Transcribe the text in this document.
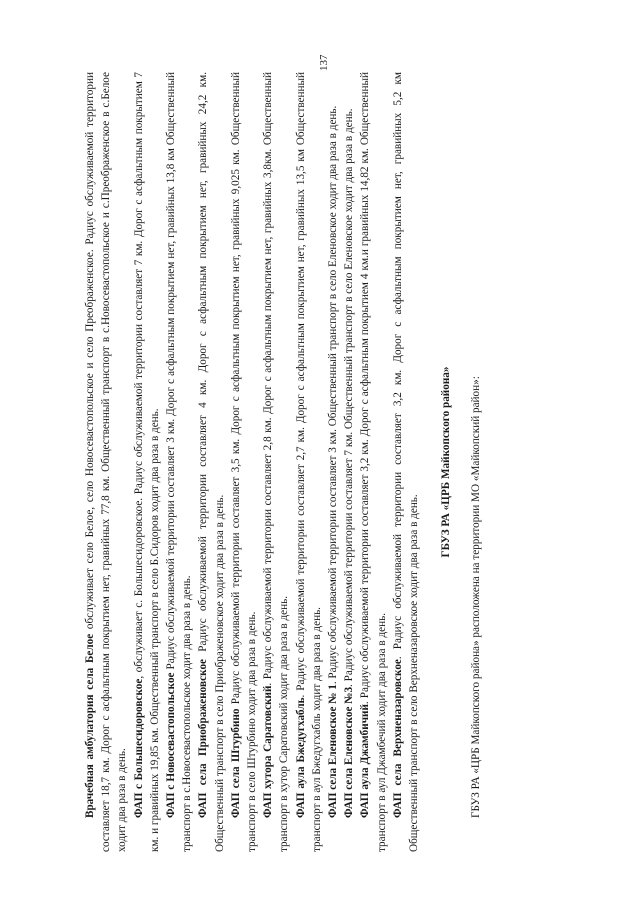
137

Врачебная амбулатория села Белое обслуживает село Белое, село Новосевастопольское и село Преображенское. Радиус обслуживаемой территории составляет 18,7 км. Дорог с асфальтным покрытием нет, гравийных 77,8 км. Общественный транспорт в с.Новосевастопольское и с.Преображенское в с.Белое ходит два раза в день. ФАП с Большесидоровское, обслуживает с. Большесидоровское. Радиус обслуживаемой территории составляет 7 км. Дорог с асфальтным покрытием 7 км. и гравийных 19,85 км. Общественный транспорт в село Б.Сидоров ходит два раза в день. ФАП с Новосевастопольское Радиус обслуживаемой территории составляет 3 км. Дорог с асфальтным покрытием нет, гравийных 13,8 км Общественный транспорт в с.Новосевастопольское ходит два раза в день. ФАП села Приображеновское Радиус обслуживаемой территории составляет 4 км. Дорог с асфальтным покрытием нет, гравийных 24,2 км. Общественный транспорт в село Приображеновское ходит два раза в день. ФАП села Штурбино Радиус обслуживаемой территории составляет 3,5 км. Дорог с асфальтным покрытием нет, гравийных 9,025 км. Общественный транспорт в село Штурбино ходит два раза в день. ФАП хутора Саратовский. Радиус обслуживаемой территории составляет 2,8 км. Дорог с асфальтным покрытием нет, гравийных 3,8км. Общественный транспорт в хутор Саратовский ходит два раза в день. ФАП аула Бжедугхабль. Радиус обслуживаемой территории составляет 2,7 км. Дорог с асфальтным покрытием нет, гравийных 13,5 км Общественный транспорт в аул Бжедугхабль ходит два раза в день. ФАП села Еленовское № 1. Радиус обслуживаемой территории составляет 3 км. Общественный транспорт в село Еленовское ходит два раза в день.

ФАП села Еленовское №3. Радиус обслуживаемой территории составляет 7 км. Общественный транспорт в село Еленовское ходит два раза в день.

ФАП аула Джамбичий. Радиус обслуживаемой территории составляет 3,2 км. Дорог с асфальтным покрытием 4 км.и гравийных 14,82 км. Общественный транспорт в аул Джамбечий ходит два раза в день. ФАП села Верхненазаровское. Радиус обслуживаемой территории составляет 3,2 км. Дорог с асфальтным покрытием нет, гравийных 5,2 км Общественный транспорт в село Верхненазаровское ходит два раза в день.

ГБУЗ РА «ЦРБ Майкопского района» ГБУЗ РА «ЦРБ Майкопского района» расположена на территории МО «Майкопский район»:
